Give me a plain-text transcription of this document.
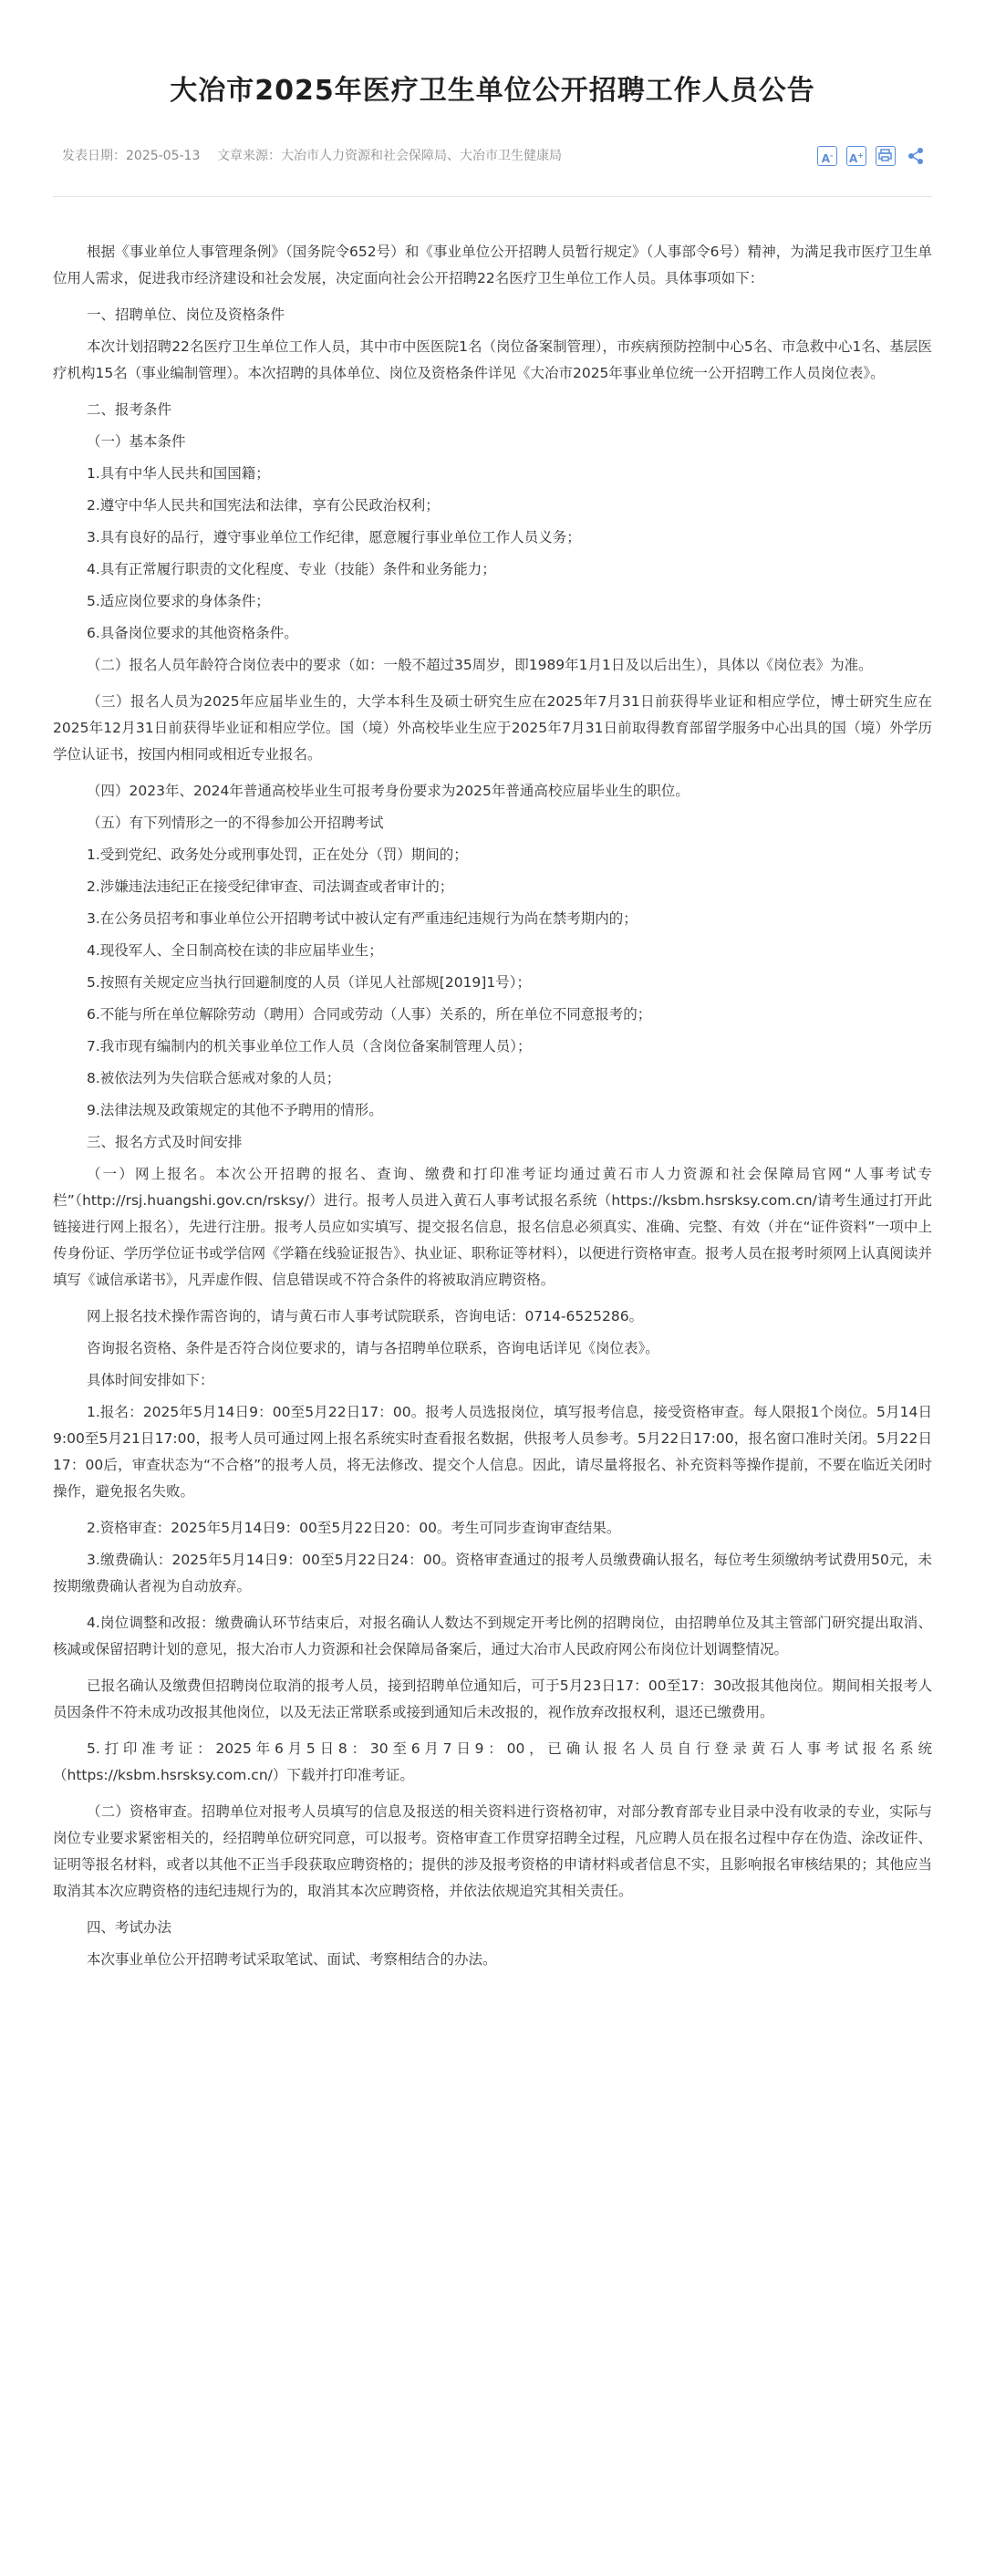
大冶市2025年医疗卫生单位公开招聘工作人员公告
发表日期：2025-05-13 文章来源： 大冶市人力资源和社会保障局、大冶市卫生健康局	A-	A+

根据《事业单位人事管理条例》（国务院令652号）和《事业单位公开招聘人员暂行规定》（人事部令6号）精神，为满足我市医疗卫生单位用人需求，促进我市经济建设和社会发展，决定面向社会公开招聘22名医疗卫生单位工作人员。具体事项如下：

一、招聘单位、岗位及资格条件

本次计划招聘22名医疗卫生单位工作人员，其中市中医医院1名（岗位备案制管理），市疾病预防控制中心5名、市急救中心1名、基层医疗机构15名（事业编制管理）。本次招聘的具体单位、岗位及资格条件详见《大冶市2025年事业单位统一公开招聘工作人员岗位表》。

二、报考条件

（一）基本条件

1.具有中华人民共和国国籍；

2.遵守中华人民共和国宪法和法律，享有公民政治权利；

3.具有良好的品行，遵守事业单位工作纪律，愿意履行事业单位工作人员义务；

4.具有正常履行职责的文化程度、专业（技能）条件和业务能力；

5.适应岗位要求的身体条件；

6.具备岗位要求的其他资格条件。

（二）报名人员年龄符合岗位表中的要求（如：一般不超过35周岁，即1989年1月1日及以后出生），具体以《岗位表》为准。

（三）报名人员为2025年应届毕业生的，大学本科生及硕士研究生应在2025年7月31日前获得毕业证和相应学位，博士研究生应在2025年12月31日前获得毕业证和相应学位。国（境）外高校毕业生应于2025年7月31日前取得教育部留学服务中心出具的国（境）外学历学位认证书，按国内相同或相近专业报名。

（四）2023年、2024年普通高校毕业生可报考身份要求为2025年普通高校应届毕业生的职位。

（五）有下列情形之一的不得参加公开招聘考试

1.受到党纪、政务处分或刑事处罚，正在处分（罚）期间的；

2.涉嫌违法违纪正在接受纪律审查、司法调查或者审计的；

3.在公务员招考和事业单位公开招聘考试中被认定有严重违纪违规行为尚在禁考期内的；

4.现役军人、全日制高校在读的非应届毕业生；

5.按照有关规定应当执行回避制度的人员（详见人社部规[2019]1号）；

6.不能与所在单位解除劳动（聘用）合同或劳动（人事）关系的，所在单位不同意报考的；

7.我市现有编制内的机关事业单位工作人员（含岗位备案制管理人员）；

8.被依法列为失信联合惩戒对象的人员；

9.法律法规及政策规定的其他不予聘用的情形。

三、报名方式及时间安排

（一）网上报名。本次公开招聘的报名、查询、缴费和打印准考证均通过黄石市人力资源和社会保障局官网“人事考试专栏”（http://rsj.huangshi.gov.cn/rsksy/）进行。报考人员进入黄石人事考试报名系统（https://ksbm.hsrsksy.com.cn/请考生通过打开此链接进行网上报名），先进行注册。报考人员应如实填写、提交报名信息，报名信息必须真实、准确、完整、有效（并在“证件资料”一项中上传身份证、学历学位证书或学信网《学籍在线验证报告》、执业证、职称证等材料），以便进行资格审查。报考人员在报考时须网上认真阅读并填写《诚信承诺书》，凡弄虚作假、信息错误或不符合条件的将被取消应聘资格。

网上报名技术操作需咨询的，请与黄石市人事考试院联系，咨询电话：0714-6525286。

咨询报名资格、条件是否符合岗位要求的，请与各招聘单位联系，咨询电话详见《岗位表》。

具体时间安排如下：

1.报名：2025年5月14日9：00至5月22日17：00。报考人员选报岗位，填写报考信息，接受资格审查。每人限报1个岗位。5月14日9:00至5月21日17:00，报考人员可通过网上报名系统实时查看报名数据，供报考人员参考。5月22日17:00，报名窗口准时关闭。5月22日17：00后，审查状态为“不合格”的报考人员，将无法修改、提交个人信息。因此，请尽量将报名、补充资料等操作提前，不要在临近关闭时操作，避免报名失败。

2.资格审查：2025年5月14日9：00至5月22日20：00。考生可同步查询审查结果。

3.缴费确认：2025年5月14日9：00至5月22日24：00。资格审查通过的报考人员缴费确认报名，每位考生须缴纳考试费用50元，未按期缴费确认者视为自动放弃。

4.岗位调整和改报：缴费确认环节结束后，对报名确认人数达不到规定开考比例的招聘岗位，由招聘单位及其主管部门研究提出取消、核减或保留招聘计划的意见，报大冶市人力资源和社会保障局备案后，通过大冶市人民政府网公布岗位计划调整情况。

已报名确认及缴费但招聘岗位取消的报考人员，接到招聘单位通知后，可于5月23日17：00至17：30改报其他岗位。期间相关报考人员因条件不符未成功改报其他岗位，以及无法正常联系或接到通知后未改报的，视作放弃改报权利，退还已缴费用。

5.打印准考证：2025年6月5日8：30至6月7日9：00，已确认报名人员自行登录黄石人事考试报名系统（https://ksbm.hsrsksy.com.cn/）下载并打印准考证。

（二）资格审查。招聘单位对报考人员填写的信息及报送的相关资料进行资格初审，对部分教育部专业目录中没有收录的专业，实际与岗位专业要求紧密相关的，经招聘单位研究同意，可以报考。资格审查工作贯穿招聘全过程，凡应聘人员在报名过程中存在伪造、涂改证件、证明等报名材料，或者以其他不正当手段获取应聘资格的；提供的涉及报考资格的申请材料或者信息不实，且影响报名审核结果的；其他应当取消其本次应聘资格的违纪违规行为的，取消其本次应聘资格，并依法依规追究其相关责任。

四、考试办法

本次事业单位公开招聘考试采取笔试、面试、考察相结合的办法。
